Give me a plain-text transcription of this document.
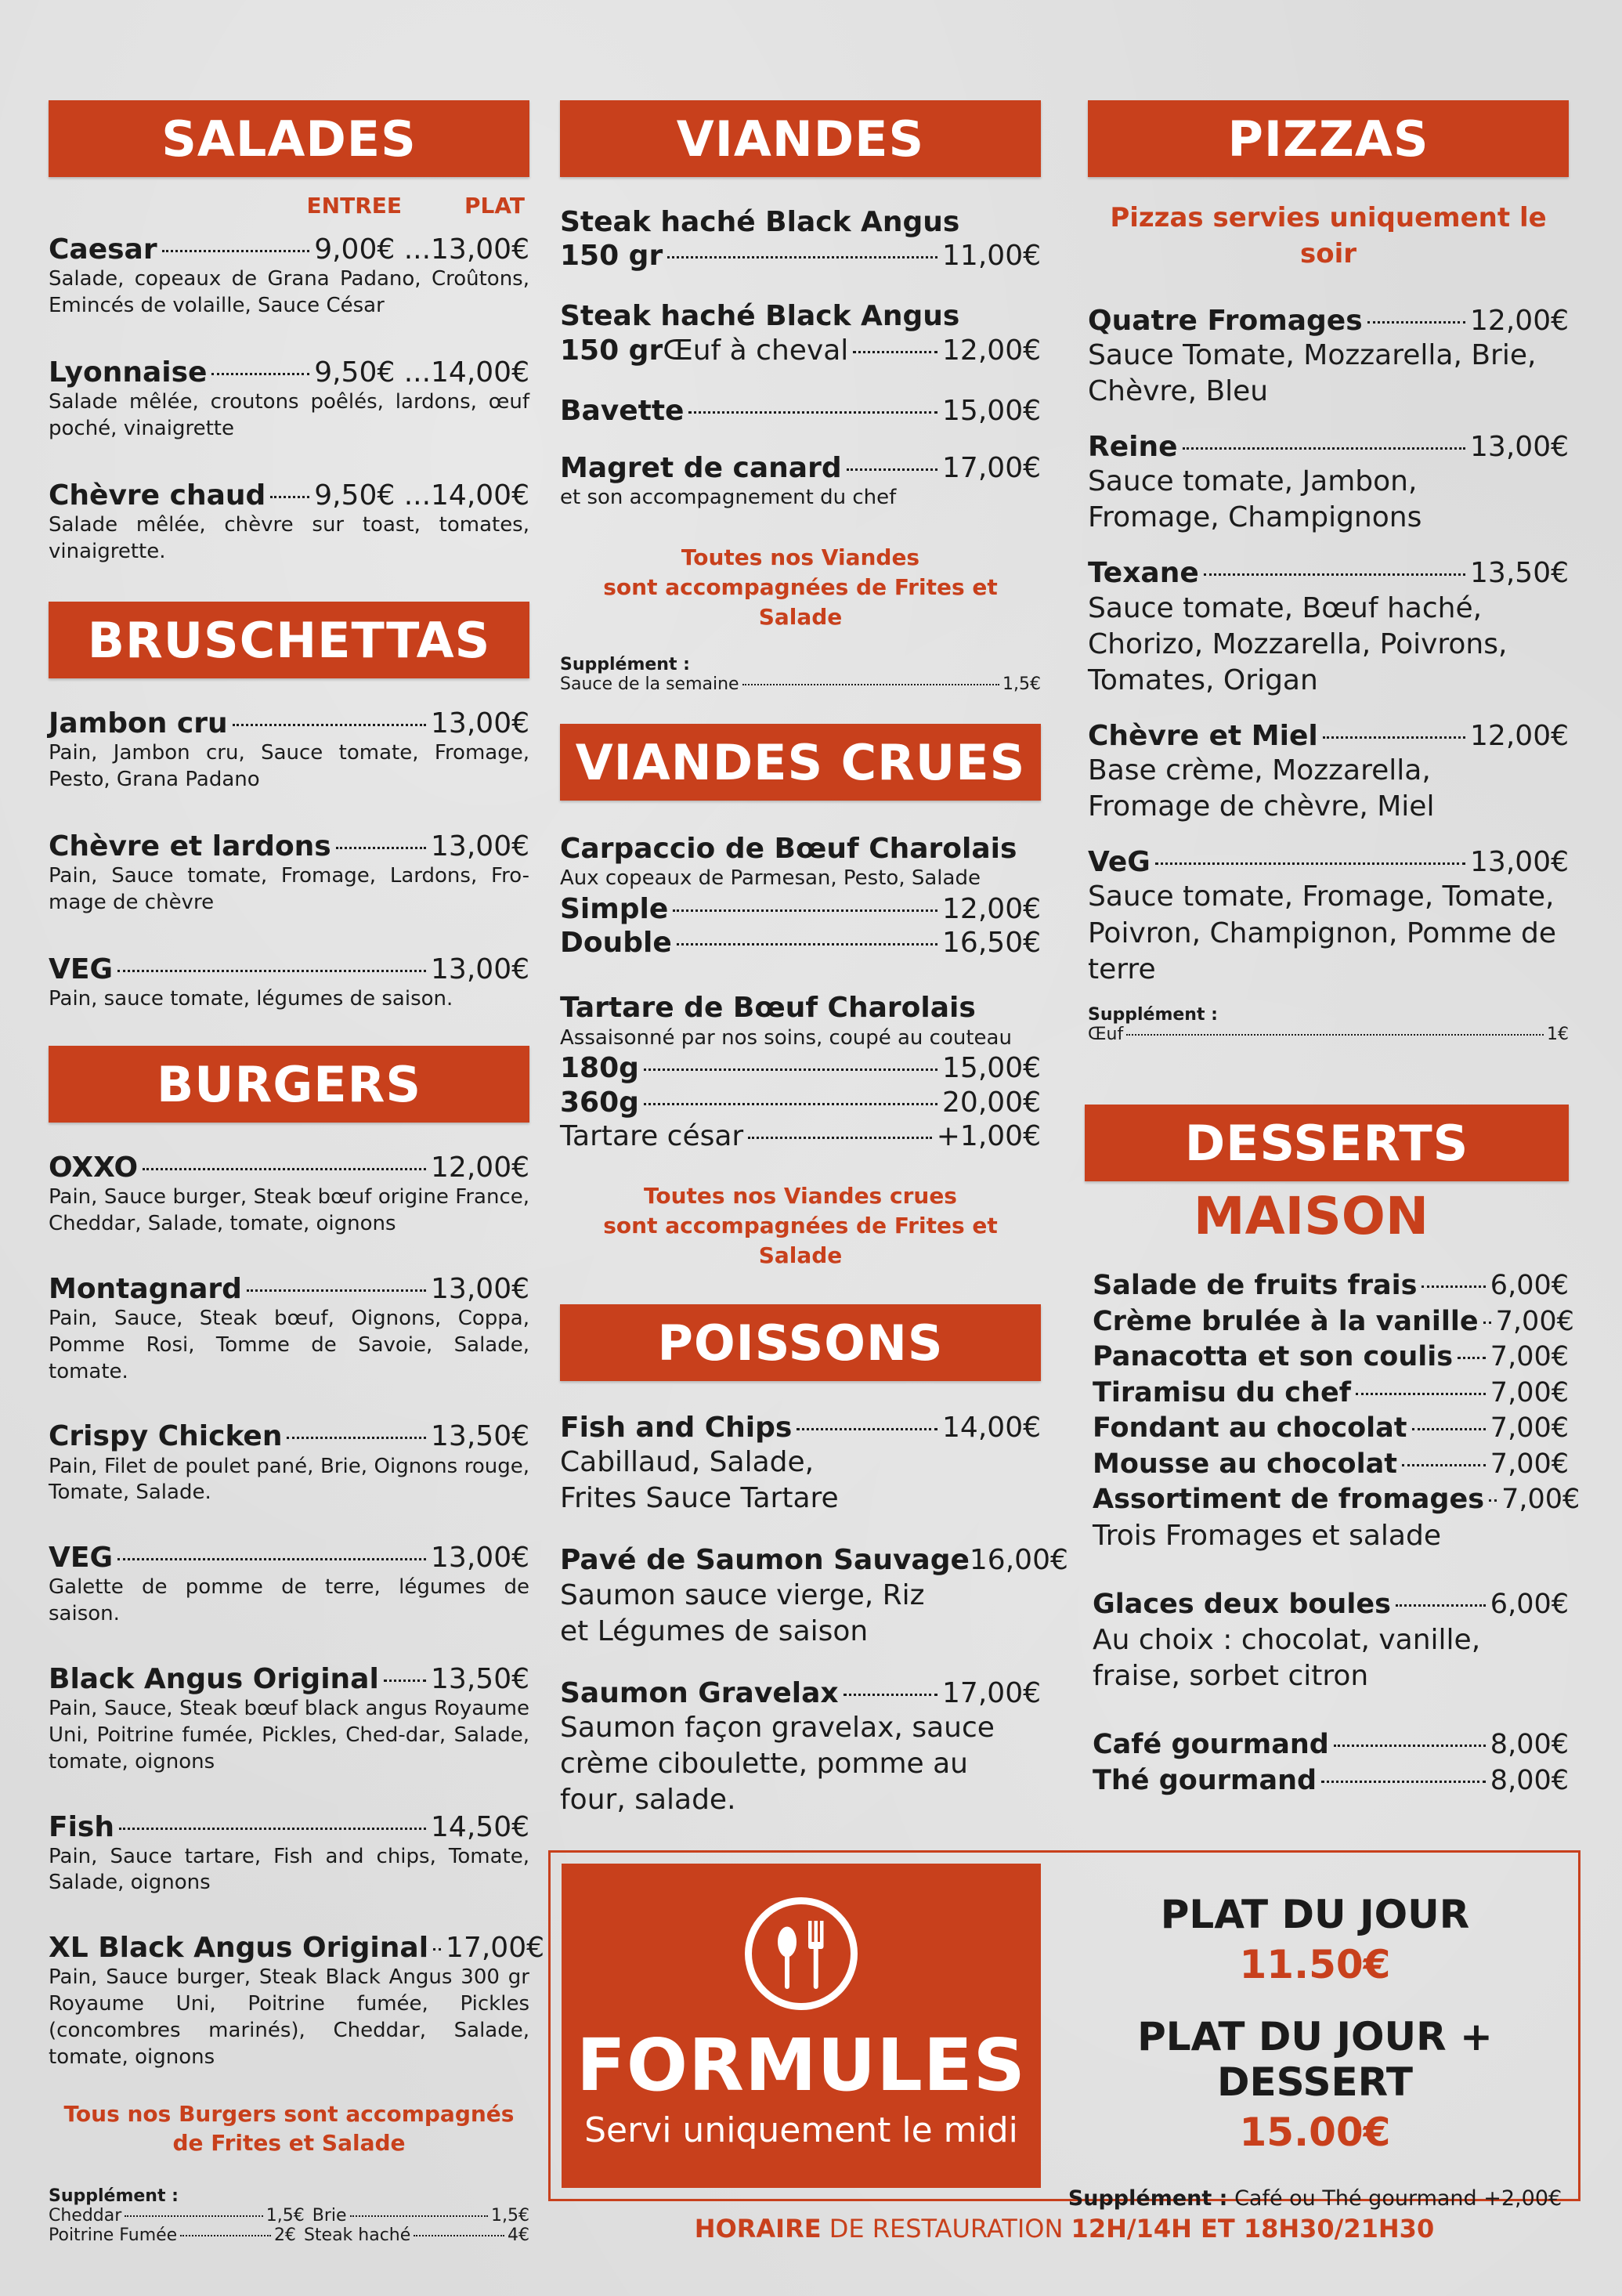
SALADES
ENTREE	PLAT
Caesar	9,00€ ...13,00€
Salade, copeaux de Grana Padano, Croûtons, Emincés de volaille, Sauce César
Lyonnaise	9,50€ ...14,00€
Salade mêlée, croutons poêlés, lardons, œuf poché, vinaigrette
Chèvre chaud 9,50€ ...14,00€
Salade mêlée, chèvre sur toast, tomates, vinaigrette.
BRUSCHETTAS
Jambon cru	13,00€
Pain, Jambon cru, Sauce tomate, Fromage, Pesto, Grana Padano
Chèvre et lardons	13,00€
Pain, Sauce tomate, Fromage, Lardons, Fro-mage de chèvre
VEG	13,00€
Pain, sauce tomate, légumes de saison.
BURGERS
OXXO	12,00€
Pain, Sauce burger, Steak bœuf origine France, Cheddar, Salade, tomate, oignons
Montagnard	13,00€
Pain, Sauce, Steak bœuf, Oignons, Coppa, Pomme Rosi, Tomme de Savoie, Salade, tomate.
Crispy Chicken	13,50€
Pain, Filet de poulet pané, Brie, Oignons rouge, Tomate, Salade.
VEG	13,00€
Galette de pomme de terre, légumes de saison.
Black Angus Original 13,50€
Pain, Sauce, Steak bœuf black angus Royaume Uni, Poitrine fumée, Pickles, Ched-dar, Salade, tomate, oignons
Fish	14,50€
Pain, Sauce tartare, Fish and chips, Tomate, Salade, oignons
XL Black Angus Original 17,00€
Pain, Sauce burger, Steak Black Angus 300 gr Royaume Uni, Poitrine fumée, Pickles (concombres marinés), Cheddar, Salade, tomate, oignons
Tous nos Burgers sont accompagnés
de Frites et Salade
Supplément :
Cheddar	1,5€ Brie	1,5€
Poitrine Fumée	2€ Steak haché	4€
VIANDES
Steak haché Black Angus
150 gr	11,00€
Steak haché Black Angus
150 gr Œuf à cheval	12,00€
Bavette	15,00€
Magret de canard	17,00€
et son accompagnement du chef
Toutes nos Viandes
sont accompagnées de Frites et Salade
Supplément :
Sauce de la semaine	1,5€
VIANDES CRUES
Carpaccio de Bœuf Charolais
Aux copeaux de Parmesan, Pesto, Salade
Simple	12,00€
Double	16,50€
Tartare de Bœuf Charolais
Assaisonné par nos soins, coupé au couteau
180g	15,00€
360g	20,00€
Tartare césar	+1,00€
Toutes nos Viandes crues
sont accompagnées de Frites et Salade
POISSONS
Fish and Chips	14,00€
Cabillaud, Salade, Frites Sauce Tartare
Pavé de Saumon Sauvage 16,00€
Saumon sauce vierge, Riz et Légumes de saison
Saumon Gravelax	17,00€
Saumon façon gravelax, sauce crème ciboulette, pomme au four, salade.
PIZZAS
Pizzas servies uniquement le soir
Quatre Fromages	12,00€
Sauce Tomate, Mozzarella, Brie, Chèvre, Bleu
Reine	13,00€
Sauce tomate, Jambon, Fromage, Champignons
Texane	13,50€
Sauce tomate, Bœuf haché, Chorizo, Mozzarella, Poivrons, Tomates, Origan
Chèvre et Miel	12,00€
Base crème, Mozzarella, Fromage de chèvre, Miel
VeG	13,00€
Sauce tomate, Fromage, Tomate, Poivron, Champignon, Pomme de terre
Supplément :
Œuf	1€
DESSERTS
MAISON
Salade de fruits frais	6,00€
Crème brulée à la vanille 7,00€
Panacotta et son coulis 7,00€
Tiramisu du chef	7,00€
Fondant au chocolat	7,00€
Mousse au chocolat	7,00€
Assortiment de fromages 7,00€
Trois Fromages et salade
Glaces deux boules	6,00€
Au choix : chocolat, vanille, fraise, sorbet citron
Café gourmand	8,00€
Thé gourmand	8,00€
FORMULES
Servi uniquement le midi
PLAT DU JOUR
11.50€
PLAT DU JOUR + DESSERT
15.00€
Supplément : Café ou Thé gourmand +2,00€
HORAIRE DE RESTAURATION 12H/14H ET 18H30/21H30
